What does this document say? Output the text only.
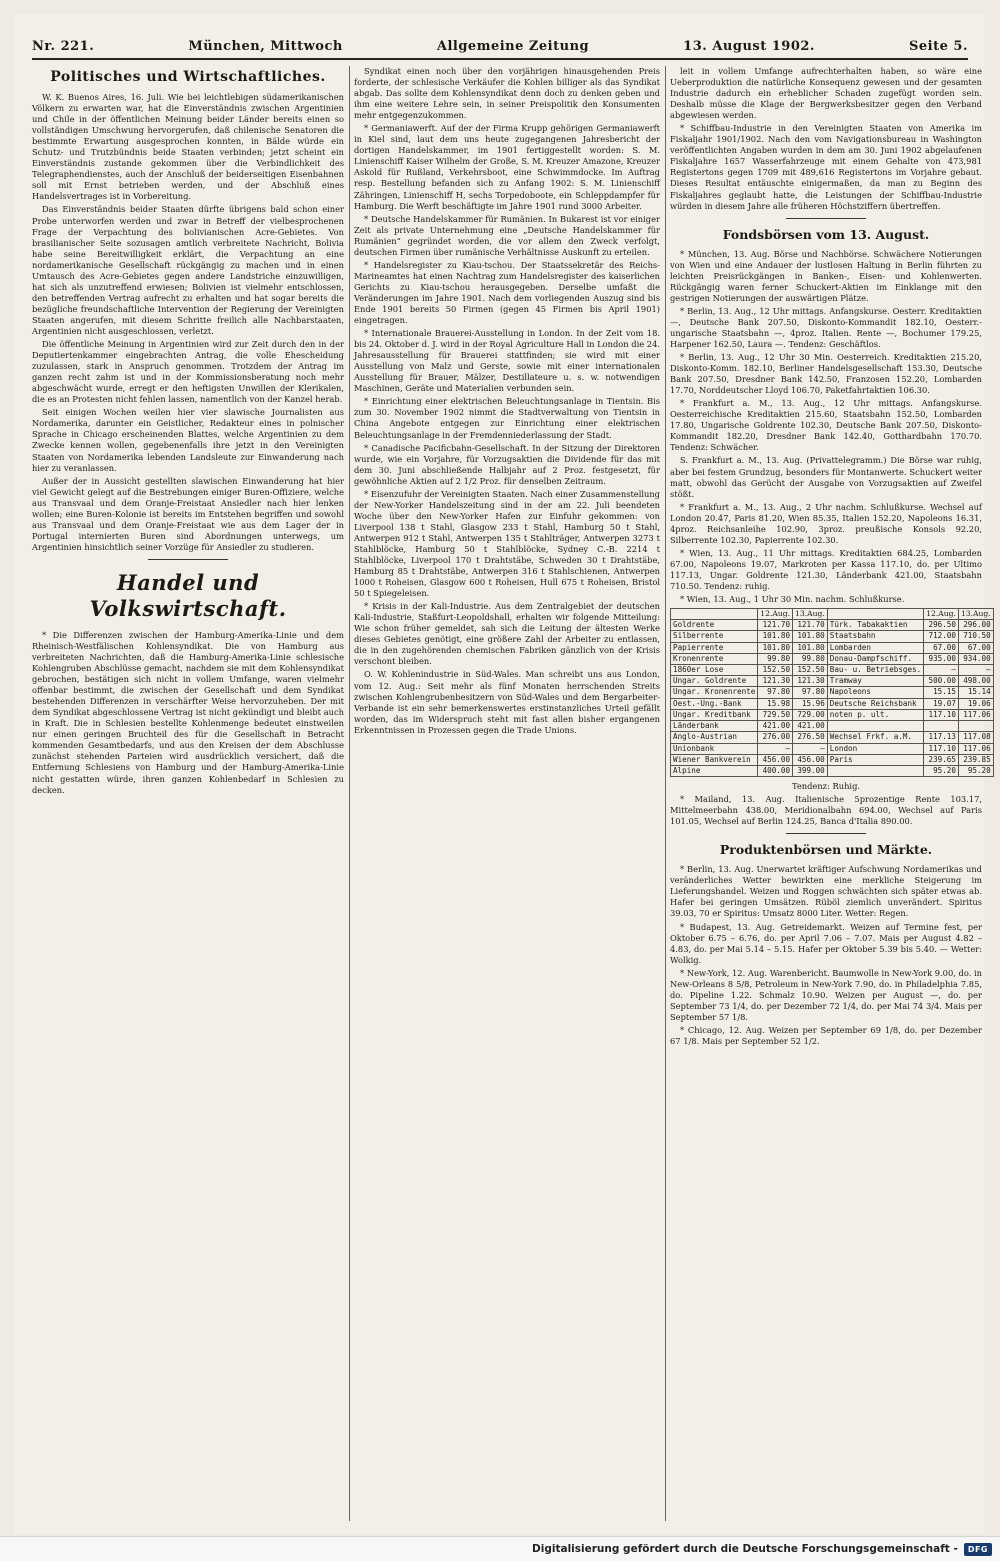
Nr. 221.	München, Mittwoch	Allgemeine Zeitung	13. August 1902.	Seite 5.
Politisches und Wirtschaftliches.

W. K. Buenos Aires, 16. Juli. Wie bei leichtlebigen südamerikanischen Völkern zu erwarten war, hat die Einverständnis zwischen Argentinien und Chile in der öffentlichen Meinung beider Länder bereits einen so vollständigen Umschwung hervorgerufen, daß chilenische Senatoren die bestimmte Erwartung ausgesprochen konnten, in Bälde würde ein Schutz- und Trutzbündnis beide Staaten verbinden; jetzt scheint ein Einverständnis zustande gekommen über die Verbindlichkeit des Telegraphendienstes, auch der Anschluß der beiderseitigen Eisenbahnen soll mit Ernst betrieben werden, und der Abschluß eines Handelsvertrages ist in Vorbereitung.

Das Einverständnis beider Staaten dürfte übrigens bald schon einer Probe unterworfen werden und zwar in Betreff der vielbesprochenen Frage der Verpachtung des bolivianischen Acre-Gebietes. Von brasilianischer Seite sozusagen amtlich verbreitete Nachricht, Bolivia habe seine Bereitwilligkeit erklärt, die Verpachtung an eine nordamerikanische Gesellschaft rückgängig zu machen und in einen Umtausch des Acre-Gebietes gegen andere Landstriche einzuwilligen, hat sich als unzutreffend erwiesen; Bolivien ist vielmehr entschlossen, den betreffenden Vertrag aufrecht zu erhalten und hat sogar bereits die bezügliche freundschaftliche Intervention der Regierung der Vereinigten Staaten angerufen, mit diesem Schritte freilich alle Nachbarstaaten, Argentinien nicht ausgeschlossen, verletzt.

Die öffentliche Meinung in Argentinien wird zur Zeit durch den in der Deputiertenkammer eingebrachten Antrag, die volle Ehescheidung zuzulassen, stark in Anspruch genommen. Trotzdem der Antrag im ganzen recht zahm ist und in der Kommissionsberatung noch mehr abgeschwächt wurde, erregt er den heftigsten Unwillen der Klerikalen, die es an Protesten nicht fehlen lassen, namentlich von der Kanzel herab.

Seit einigen Wochen weilen hier vier slawische Journalisten aus Nordamerika, darunter ein Geistlicher, Redakteur eines in polnischer Sprache in Chicago erscheinenden Blattes, welche Argentinien zu dem Zwecke kennen wollen, gegebenenfalls ihre jetzt in den Vereinigten Staaten von Nordamerika lebenden Landsleute zur Einwanderung nach hier zu veranlassen.

Außer der in Aussicht gestellten slawischen Einwanderung hat hier viel Gewicht gelegt auf die Bestrebungen einiger Buren-Offiziere, welche aus Transvaal und dem Oranje-Freistaat Ansiedler nach hier lenken wollen; eine Buren-Kolonie ist bereits im Entstehen begriffen und sowohl aus Transvaal und dem Oranje-Freistaat wie aus dem Lager der in Portugal internierten Buren sind Abordnungen unterwegs, um Argentinien hinsichtlich seiner Vorzüge für Ansiedler zu studieren.

Handel und Volkswirtschaft.

* Die Differenzen zwischen der Hamburg-Amerika-Linie und dem Rheinisch-Westfälischen Kohlensyndikat. Die von Hamburg aus verbreiteten Nachrichten, daß die Hamburg-Amerika-Linie schlesische Kohlengruben Abschlüsse gemacht, nachdem sie mit dem Kohlensyndikat gebrochen, bestätigen sich nicht in vollem Umfange, waren vielmehr offenbar bestimmt, die zwischen der Gesellschaft und dem Syndikat bestehenden Differenzen in verschärfter Weise hervorzuheben. Der mit dem Syndikat abgeschlossene Vertrag ist nicht gekündigt und bleibt auch in Kraft. Die in Schlesien bestellte Kohlenmenge bedeutet einstweilen nur einen geringen Bruchteil des für die Gesellschaft in Betracht kommenden Gesamtbedarfs, und aus den Kreisen der dem Abschlusse zunächst stehenden Parteien wird ausdrücklich versichert, daß die Entfernung Schlesiens von Hamburg und der Hamburg-Amerika-Linie nicht gestatten würde, ihren ganzen Kohlenbedarf in Schlesien zu decken.

Syndikat einen noch über den vorjährigen hinausgehenden Preis forderte, der schlesische Verkäufer die Kohlen billiger als das Syndikat abgab. Das sollte dem Kohlensyndikat denn doch zu denken geben und ihm eine weitere Lehre sein, in seiner Preispolitik den Konsumenten mehr entgegenzukommen.

* Germaniawerft. Auf der der Firma Krupp gehörigen Germaniawerft in Kiel sind, laut dem uns heute zugegangenen Jahresbericht der dortigen Handelskammer, im 1901 fertiggestellt worden: S. M. Linienschiff Kaiser Wilhelm der Große, S. M. Kreuzer Amazone, Kreuzer Askold für Rußland, Verkehrsboot, eine Schwimmdocke. Im Auftrag resp. Bestellung befanden sich zu Anfang 1902: S. M. Linienschiff Zähringen, Linienschiff H, sechs Torpedoboote, ein Schleppdampfer für Hamburg. Die Werft beschäftigte im Jahre 1901 rund 3000 Arbeiter.

* Deutsche Handelskammer für Rumänien. In Bukarest ist vor einiger Zeit als private Unternehmung eine „Deutsche Handelskammer für Rumänien“ gegründet worden, die vor allem den Zweck verfolgt, deutschen Firmen über rumänische Verhältnisse Auskunft zu erteilen.

* Handelsregister zu Kiau-tschou. Der Staatssekretär des Reichs-Marineamtes hat einen Nachtrag zum Handelsregister des kaiserlichen Gerichts zu Kiau-tschou herausgegeben. Derselbe umfaßt die Veränderungen im Jahre 1901. Nach dem vorliegenden Auszug sind bis Ende 1901 bereits 50 Firmen (gegen 45 Firmen bis April 1901) eingetragen.

* Internationale Brauerei-Ausstellung in London. In der Zeit vom 18. bis 24. Oktober d. J. wird in der Royal Agriculture Hall in London die 24. Jahresausstellung für Brauerei stattfinden; sie wird mit einer Ausstellung von Malz und Gerste, sowie mit einer internationalen Ausstellung für Brauer, Mälzer, Destillateure u. s. w. notwendigen Maschinen, Geräte und Materialien verbunden sein.

* Einrichtung einer elektrischen Beleuchtungsanlage in Tientsin. Bis zum 30. November 1902 nimmt die Stadtverwaltung von Tientsin in China Angebote entgegen zur Einrichtung einer elektrischen Beleuchtungsanlage in der Fremdenniederlassung der Stadt.

* Canadische Pacificbahn-Gesellschaft. In der Sitzung der Direktoren wurde, wie ein Vorjahre, für Vorzugsaktien die Dividende für das mit dem 30. Juni abschließende Halbjahr auf 2 Proz. festgesetzt, für gewöhnliche Aktien auf 2 1/2 Proz. für denselben Zeitraum.

* Eisenzufuhr der Vereinigten Staaten. Nach einer Zusammenstellung der New-Yorker Handelszeitung sind in der am 22. Juli beendeten Woche über den New-Yorker Hafen zur Einfuhr gekommen: von Liverpool 138 t Stahl, Glasgow 233 t Stahl, Hamburg 50 t Stahl, Antwerpen 912 t Stahl, Antwerpen 135 t Stahlträger, Antwerpen 3273 t Stahlblöcke, Hamburg 50 t Stahlblöcke, Sydney C.-B. 2214 t Stahlblöcke, Liverpool 170 t Drahtstäbe, Schweden 30 t Drahtstäbe, Hamburg 85 t Drahtstäbe, Antwerpen 316 t Stahlschienen, Antwerpen 1000 t Roheisen, Glasgow 600 t Roheisen, Hull 675 t Roheisen, Bristol 50 t Spiegeleisen.

* Krisis in der Kali-Industrie. Aus dem Zentralgebiet der deutschen Kali-Industrie, Staßfurt-Leopoldshall, erhalten wir folgende Mitteilung: Wie schon früher gemeldet, sah sich die Leitung der ältesten Werke dieses Gebietes genötigt, eine größere Zahl der Arbeiter zu entlassen, die in den zugehörenden chemischen Fabriken gänzlich von der Krisis verschont bleiben.

O. W. Kohlenindustrie in Süd-Wales. Man schreibt uns aus London, vom 12. Aug.: Seit mehr als fünf Monaten herrschenden Streits zwischen Kohlengrubenbesitzern von Süd-Wales und dem Bergarbeiter-Verbande ist ein sehr bemerkenswertes erstinstanzliches Urteil gefällt worden, das im Widerspruch steht mit fast allen bisher ergangenen Erkenntnissen in Prozessen gegen die Trade Unions.

leit in vollem Umfange aufrechterhalten haben, so wäre eine Ueberproduktion die natürliche Konsequenz gewesen und der gesamten Industrie dadurch ein erheblicher Schaden zugefügt worden sein. Deshalb müsse die Klage der Bergwerksbesitzer gegen den Verband abgewiesen werden.

* Schiffbau-Industrie in den Vereinigten Staaten von Amerika im Fiskaljahr 1901/1902. Nach den vom Navigationsbureau in Washington veröffentlichten Angaben wurden in dem am 30. Juni 1902 abgelaufenen Fiskaljahre 1657 Wasserfahrzeuge mit einem Gehalte von 473,981 Registertons gegen 1709 mit 489,616 Registertons im Vorjahre gebaut. Dieses Resultat entäuschte einigermaßen, da man zu Beginn des Fiskaljahres geglaubt hatte, die Leistungen der Schiffbau-Industrie würden in diesem Jahre alle früheren Höchstziffern übertreffen.

Fondsbörsen vom 13. August.

* München, 13. Aug. Börse und Nachbörse. Schwächere Notierungen von Wien und eine Andauer der lustlosen Haltung in Berlin führten zu leichten Preisrückgängen in Banken-, Eisen- und Kohlenwerten. Rückgängig waren ferner Schuckert-Aktien im Einklange mit den gestrigen Notierungen der auswärtigen Plätze.

* Berlin, 13. Aug., 12 Uhr mittags. Anfangskurse. Oesterr. Kreditaktien —, Deutsche Bank 207.50, Diskonto-Kommandit 182.10, Oesterr.-ungarische Staatsbahn —, 4proz. Italien. Rente —, Bochumer 179.25, Harpener 162.50, Laura —. Tendenz: Geschäftlos.

* Berlin, 13. Aug., 12 Uhr 30 Min. Oesterreich. Kreditaktien 215.20, Diskonto-Komm. 182.10, Berliner Handelsgesellschaft 153.30, Deutsche Bank 207.50, Dresdner Bank 142.50, Franzosen 152.20, Lombarden 17.70, Norddeutscher Lloyd 106.70, Paketfahrtaktien 106.30.

* Frankfurt a. M., 13. Aug., 12 Uhr mittags. Anfangskurse. Oesterreichische Kreditaktien 215.60, Staatsbahn 152.50, Lombarden 17.80, Ungarische Goldrente 102.30, Deutsche Bank 207.50, Diskonto-Kommandit 182.20, Dresdner Bank 142.40, Gotthardbahn 170.70. Tendenz: Schwächer.

S. Frankfurt a. M., 13. Aug. (Privattelegramm.) Die Börse war ruhig, aber bei festem Grundzug, besonders für Montanwerte. Schuckert weiter matt, obwohl das Gerücht der Ausgabe von Vorzugsaktien auf Zweifel stößt.

* Frankfurt a. M., 13. Aug., 2 Uhr nachm. Schlußkurse. Wechsel auf London 20.47, Paris 81.20, Wien 85.35, Italien 152.20, Napoleons 16.31, 4proz. Reichsanleihe 102.90, 3proz. preußische Konsols 92.20, Silberrente 102.30, Papierrente 102.30.

* Wien, 13. Aug., 11 Uhr mittags. Kreditaktien 684.25, Lombarden 67.00, Napoleons 19.07, Markroten per Kassa 117.10, do. per Ultimo 117.13, Ungar. Goldrente 121.30, Länderbank 421.00, Staatsbahn 710.50. Tendenz: ruhig.

* Wien, 13. Aug., 1 Uhr 30 Min. nachm. Schlußkurse.

	12.Aug.	13.Aug.		12.Aug.	13.Aug.
Goldrente	121.70	121.70	Türk. Tabakaktien	296.50	296.00
Silberrente	101.80	101.80	Staatsbahn	712.00	710.50
Papierrente	101.80	101.80	Lombarden	67.00	67.00
Kronenrente	99.80	99.80	Donau-Dampfschiff.	935.00	934.00
1860er Lose	152.50	152.50	Bau- u. Betriebsges.	—	—
Ungar. Goldrente	121.30	121.30	Tramway	500.00	498.00
Ungar. Kronenrente	97.80	97.80	Napoleons	15.15	15.14
Oest.-Ung.-Bank	15.98	15.96	Deutsche Reichsbank	19.07	19.06
Ungar. Kreditbank	729.50	729.00	noten p. ult.	117.10	117.06
Länderbank	421.00	421.00			
Anglo-Austrian	276.00	276.50	Wechsel Frkf. a.M.	117.13	117.08
Unionbank	—	—	London	117.10	117.06
Wiener Bankverein	456.00	456.00	Paris	239.65	239.85
Alpine	400.00	399.00		95.20	95.20

Tendenz: Ruhig.

* Mailand, 13. Aug. Italienische 5prozentige Rente 103.17, Mittelmeerbahn 438.00, Meridionalbahn 694.00, Wechsel auf Paris 101.05, Wechsel auf Berlin 124.25, Banca d'Italia 890.00.

Produktenbörsen und Märkte.

* Berlin, 13. Aug. Unerwartet kräftiger Aufschwung Nordamerikas und veränderliches Wetter bewirkten eine merkliche Steigerung im Lieferungshandel. Weizen und Roggen schwächten sich später etwas ab. Hafer bei geringen Umsätzen. Rüböl ziemlich unverändert. Spiritus 39.03, 70 er Spiritus: Umsatz 8000 Liter. Wetter: Regen.

* Budapest, 13. Aug. Getreidemarkt. Weizen auf Termine fest, per Oktober 6.75 – 6.76, do. per April 7.06 – 7.07. Mais per August 4.82 – 4.83, do. per Mai 5.14 – 5.15. Hafer per Oktober 5.39 bis 5.40. — Wetter: Wolkig.

* New-York, 12. Aug. Warenbericht. Baumwolle in New-York 9.00, do. in New-Orleans 8 5/8, Petroleum in New-York 7.90, do. in Philadelphia 7.85, do. Pipeline 1.22. Schmalz 10.90. Weizen per August —, do. per September 73 1/4, do. per Dezember 72 1/4, do. per Mai 74 3/4. Mais per September 57 1/8.

* Chicago, 12. Aug. Weizen per September 69 1/8, do. per Dezember 67 1/8. Mais per September 52 1/2.

Digitalisierung gefördert durch die Deutsche Forschungsgemeinschaft -	DFG
